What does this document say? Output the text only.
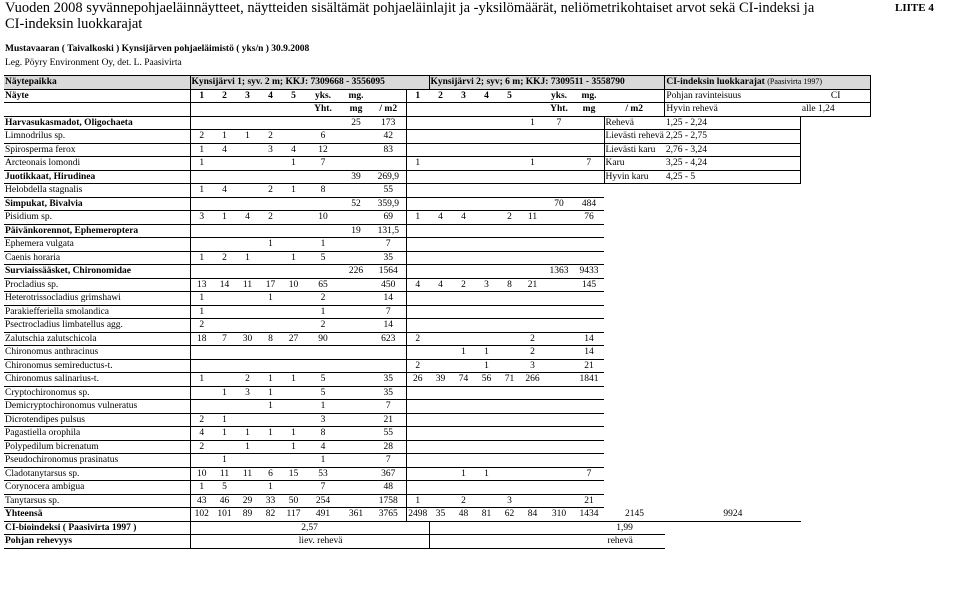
Vuoden 2008 syvännepohjaeläinnäytteet, näytteiden sisältämät pohjaeläinlajit ja -yksilömäärät, neliömetrikohtaiset arvot sekä CI-indeksi ja CI-indeksin luokkarajat
LIITE 4
Mustavaaran ( Taivalkoski ) Kynsijärven pohjaeläimistö ( yks/n ) 30.9.2008
Leg. Pöyry Environment Oy, det. L. Paasivirta
Näytepaikka	Kynsijärvi 1; syv. 2 m; KKJ: 7309668 - 3556095									Kynsijärvi 2; syv; 6 m; KKJ: 7309511 - 3558790								CI-indeksin luokkarajat (Paasivirta 1997)	
Näyte	1	2	3	4	5	yks.	mg.		1	2	3	4	5		yks.	mg.		Pohjan ravinteisuus	CI
						Yht.	mg	/ m2							Yht.	mg	/ m2	Hyvin rehevä	alle 1,24
Harvasukasmadot, Oligochaeta							25	173						1	7		Rehevä	1,25 - 2,24	
Limnodrilus sp.	2	1	1	2		6		42									Lievästi rehevä	2,25 - 2,75	
Spirosperma ferox	1	4		3	4	12		83									Lievästi karu	2,76 - 3,24	
Arcteonais lomondi	1				1	7			1					1		7	Karu	3,25 - 4,24	
Juotikkaat, Hirudinea							39	269,9									Hyvin karu	4,25 - 5	
Helobdella stagnalis	1	4		2	1	8		55											
Simpukat, Bivalvia							52	359,9							70	484			
Pisidium sp.	3	1	4	2		10		69	1	4	4		2	11		76			
Päivänkorennot, Ephemeroptera							19	131,5											
Ephemera vulgata				1		1		7											
Caenis horaria	1	2	1		1	5		35											
Surviaissääsket, Chironomidae							226	1564							1363	9433			
Procladius sp.	13	14	11	17	10	65		450	4	4	2	3	8	21		145			
Heterotrissocladius grimshawi	1			1		2		14											
Parakiefferiella smolandica	1					1		7											
Psectrocladius limbatellus agg.	2					2		14											
Zalutschia zalutschicola	18	7	30	8	27	90		623	2					2		14			
Chironomus anthracinus											1	1		2		14			
Chironomus semireductus-t.									2			1		3		21			
Chironomus salinarius-t.	1		2	1	1	5		35	26	39	74	56	71	266		1841			
Cryptochironomus sp.		1	3	1		5		35											
Demicryptochironomus vulneratus				1		1		7											
Dicrotendipes pulsus	2	1				3		21											
Pagastiella orophila	4	1	1	1	1	8		55											
Polypedilum bicrenatum	2		1		1	4		28											
Pseudochironomus prasinatus		1				1		7											
Cladotanytarsus sp.	10	11	11	6	15	53		367			1	1				7			
Corynocera ambigua	1	5		1		7		48											
Tanytarsus sp.	43	46	29	33	50	254		1758	1		2		3			21			
Yhteensä	102	101	89	82	117	491	361	3765	2498	35	48	81	62	84	310	1434	2145	9924	
CI-bioindeksi ( Paasivirta 1997 )	2,57									1,99									
Pohjan rehevyys	liev. rehevä									rehevä									
